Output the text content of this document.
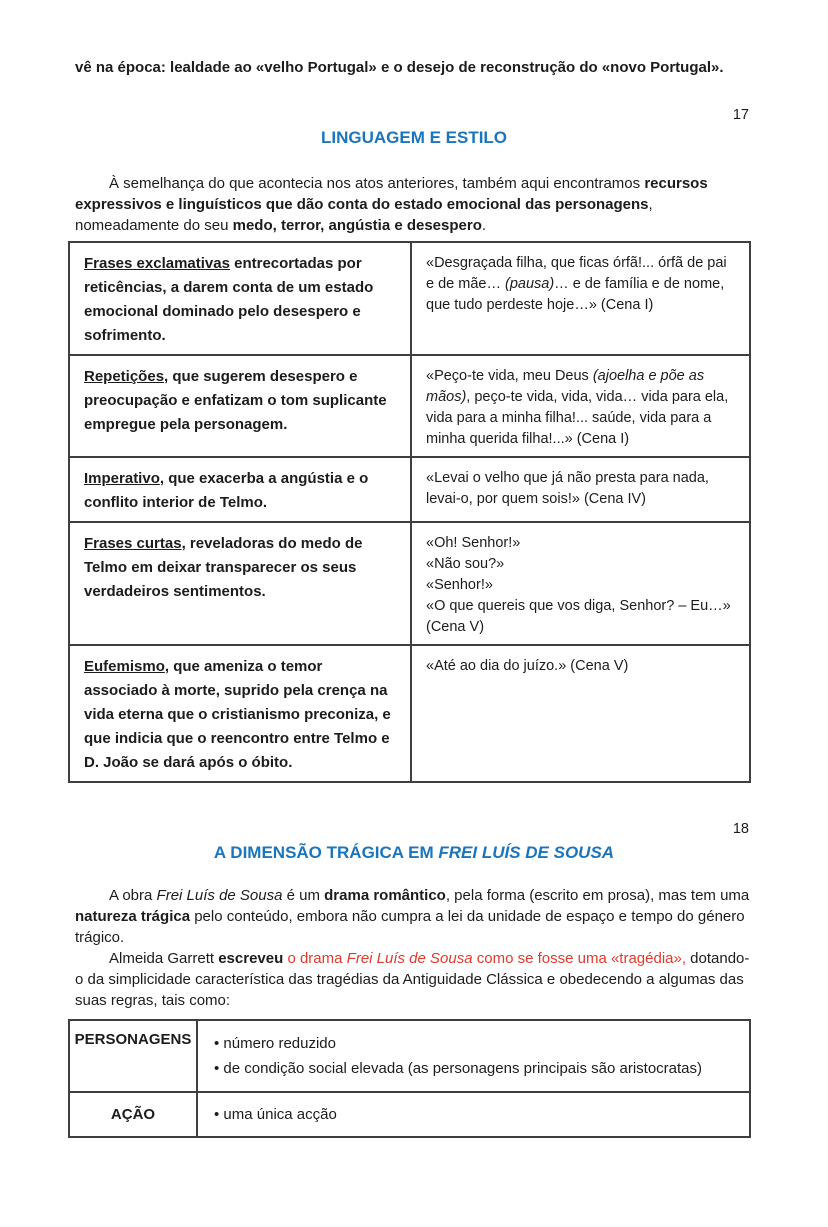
vê na época: lealdade ao «velho Portugal» e o desejo de reconstrução do «novo Portugal».
17
LINGUAGEM E ESTILO

À semelhança do que acontecia nos atos anteriores, também aqui encontramos recursos expressivos e linguísticos que dão conta do estado emocional das personagens, nomeadamente do seu medo, terror, angústia e desespero.

Frases exclamativas entrecortadas por reticências, a darem conta de um estado emocional dominado pelo desespero e sofrimento.	«Desgraçada filha, que ficas órfã!... órfã de pai e de mãe… (pausa)… e de família e de nome, que tudo perdeste hoje…» (Cena I)
Repetições, que sugerem desespero e preocupação e enfatizam o tom suplicante empregue pela personagem.	«Peço-te vida, meu Deus (ajoelha e põe as mãos), peço-te vida, vida, vida… vida para ela, vida para a minha filha!... saúde, vida para a minha querida filha!...» (Cena I)
Imperativo, que exacerba a angústia e o conflito interior de Telmo.	«Levai o velho que já não presta para nada, levai-o, por quem sois!» (Cena IV)
Frases curtas, reveladoras do medo de Telmo em deixar transparecer os seus verdadeiros sentimentos.	«Oh! Senhor!»
«Não sou?»
«Senhor!»
«O que quereis que vos diga, Senhor? – Eu…»
(Cena V)
Eufemismo, que ameniza o temor associado à morte, suprido pela crença na vida eterna que o cristianismo preconiza, e que indicia que o reencontro entre Telmo e D. João se dará após o óbito.	«Até ao dia do juízo.» (Cena V)
18
A DIMENSÃO TRÁGICA EM FREI LUÍS DE SOUSA

A obra Frei Luís de Sousa é um drama romântico, pela forma (escrito em prosa), mas tem uma natureza trágica pelo conteúdo, embora não cumpra a lei da unidade de espaço e tempo do género trágico.

Almeida Garrett escreveu o drama Frei Luís de Sousa como se fosse uma «tragédia», dotando-o da simplicidade característica das tragédias da Antiguidade Clássica e obedecendo a algumas das suas regras, tais como:

PERSONAGENS	• número reduzido
• de condição social elevada (as personagens principais são aristocratas)
AÇÃO	• uma única acção
